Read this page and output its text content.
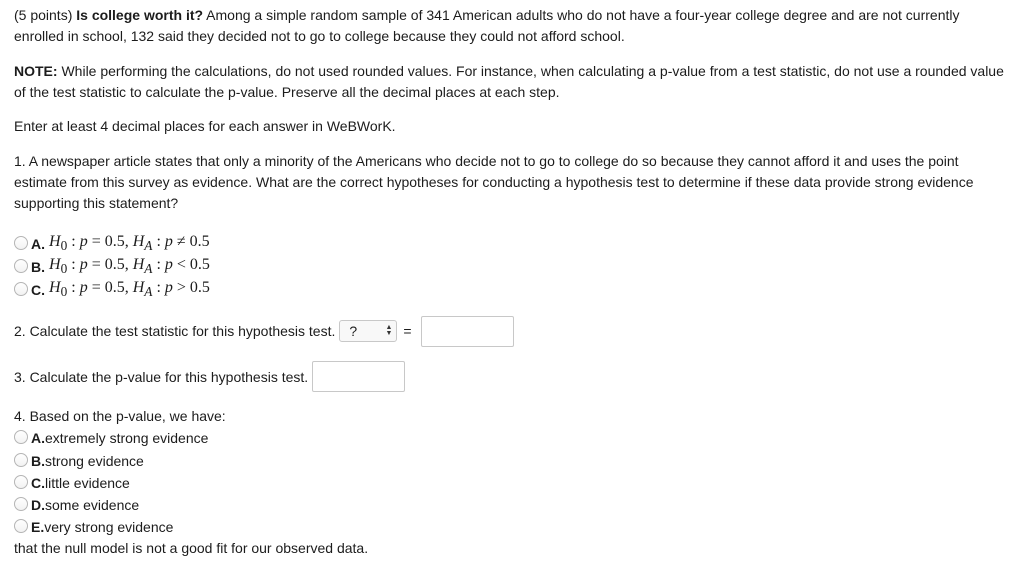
(5 points) Is college worth it? Among a simple random sample of 341 American adults who do not have a four-year college degree and are not currently enrolled in school, 132 said they decided not to go to college because they could not afford school.

NOTE: While performing the calculations, do not used rounded values. For instance, when calculating a p-value from a test statistic, do not use a rounded value of the test statistic to calculate the p-value. Preserve all the decimal places at each step.

Enter at least 4 decimal places for each answer in WeBWorK.

1. A newspaper article states that only a minority of the Americans who decide not to go to college do so because they cannot afford it and uses the point estimate from this survey as evidence. What are the correct hypotheses for conducting a hypothesis test to determine if these data provide strong evidence supporting this statement?

A. $H_0$ : p = 0.5, $H_A$ : p ≠ 0.5
B. $H_0$ : p = 0.5, $H_A$ : p < 0.5
C. $H_0$ : p = 0.5, $H_A$ : p > 0.5
2. Calculate the test statistic for this hypothesis test. ?	▲
▼ =
3. Calculate the p-value for this hypothesis test.

4. Based on the p-value, we have:

A. extremely strong evidence
B. strong evidence
C. little evidence
D. some evidence
E. very strong evidence

that the null model is not a good fit for our observed data.
